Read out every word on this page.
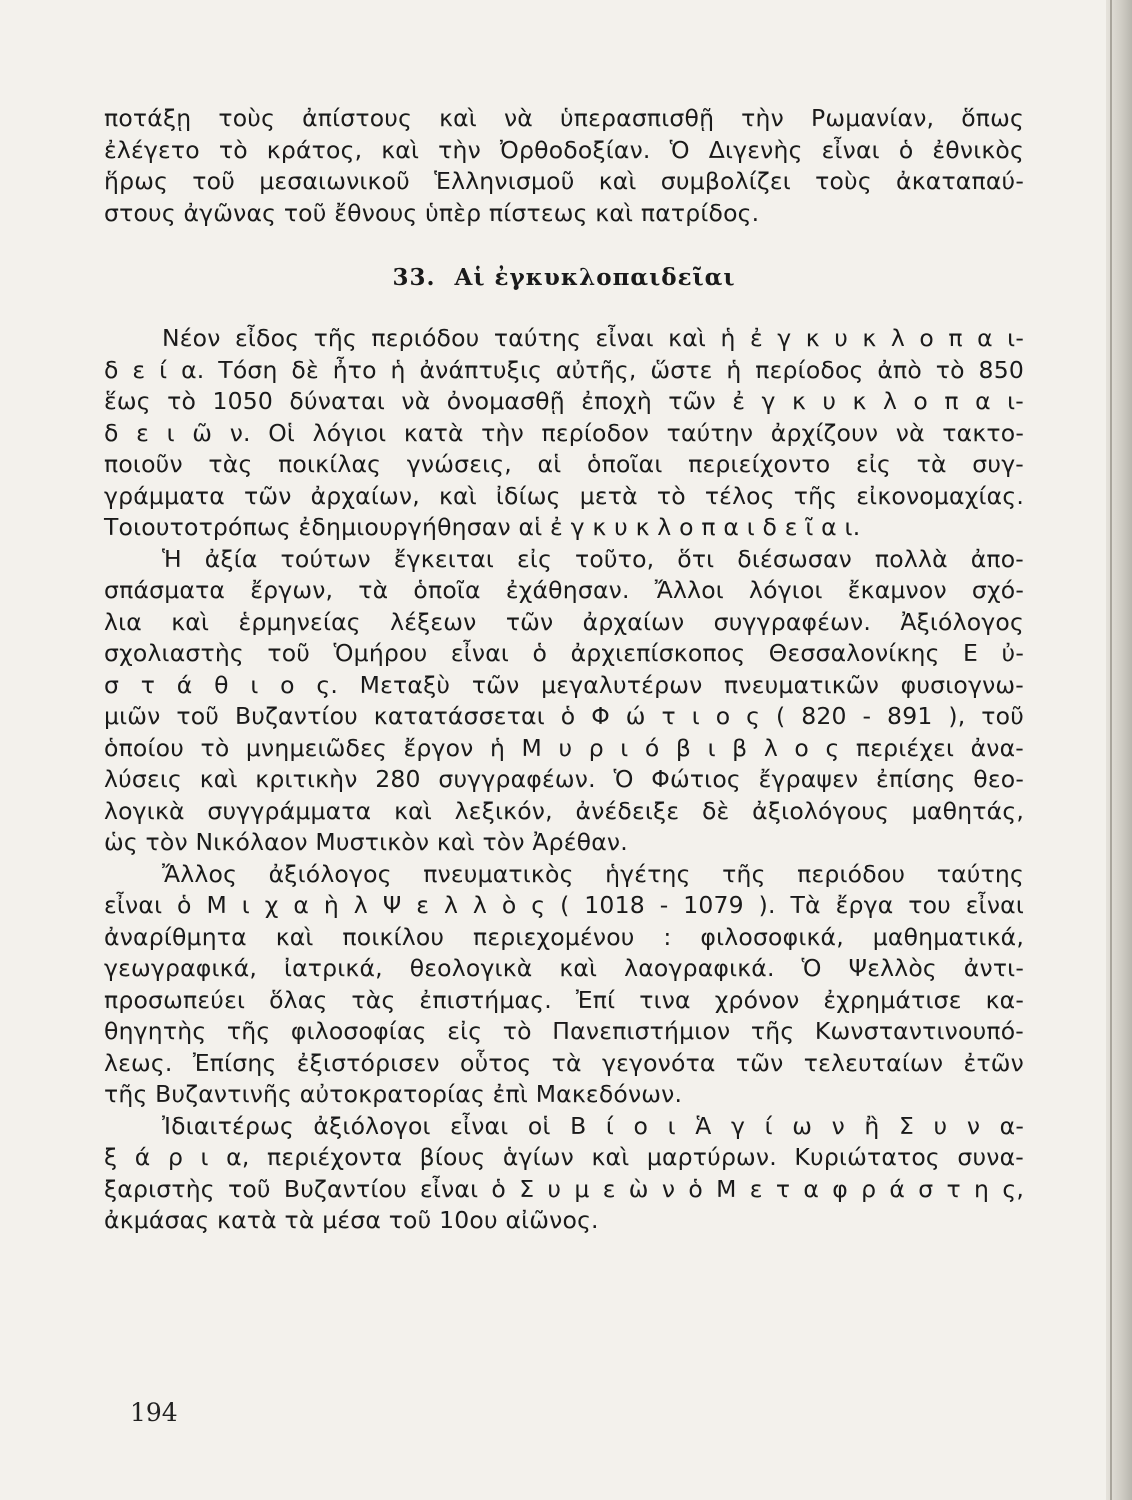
ποτάξῃ τοὺς ἀπίστους καὶ νὰ ὑπερασπισθῇ τὴν Ρωμανίαν, ὅπως
ἐλέγετο τὸ κράτος, καὶ τὴν Ὀρθοδοξίαν. Ὁ Διγενὴς εἶναι ὁ ἐθνικὸς
ἥρως τοῦ μεσαιωνικοῦ Ἑλληνισμοῦ καὶ συμβολίζει τοὺς ἀκαταπαύ-
στους ἀγῶνας τοῦ ἔθνους ὑπὲρ πίστεως καὶ πατρίδος.
33. Αἱ ἐγκυκλοπαιδεῖαι
Νέον εἶδος τῆς περιόδου ταύτης εἶναι καὶ ἡ ἐ γ κ υ κ λ ο π α ι-
δ ε ί α. Τόση δὲ ἦτο ἡ ἀνάπτυξις αὐτῆς, ὥστε ἡ περίοδος ἀπὸ τὸ 850
ἕως τὸ 1050 δύναται νὰ ὀνομασθῇ ἐποχὴ τῶν ἐ γ κ υ κ λ ο π α ι-
δ ε ι ῶ ν. Οἱ λόγιοι κατὰ τὴν περίοδον ταύτην ἀρχίζουν νὰ τακτο-
ποιοῦν τὰς ποικίλας γνώσεις, αἱ ὁποῖαι περιείχοντο εἰς τὰ συγ-
γράμματα τῶν ἀρχαίων, καὶ ἰδίως μετὰ τὸ τέλος τῆς εἰκονομαχίας.
Τοιουτοτρόπως ἐδημιουργήθησαν αἱ ἐ γ κ υ κ λ ο π α ι δ ε ῖ α ι.
Ἡ ἀξία τούτων ἔγκειται εἰς τοῦτο, ὅτι διέσωσαν πολλὰ ἀπο-
σπάσματα ἔργων, τὰ ὁποῖα ἐχάθησαν. Ἄλλοι λόγιοι ἔκαμνον σχό-
λια καὶ ἑρμηνείας λέξεων τῶν ἀρχαίων συγγραφέων. Ἀξιόλογος
σχολιαστὴς τοῦ Ὁμήρου εἶναι ὁ ἀρχιεπίσκοπος Θεσσαλονίκης Ε ὐ-
σ τ ά θ ι ο ς. Μεταξὺ τῶν μεγαλυτέρων πνευματικῶν φυσιογνω-
μιῶν τοῦ Βυζαντίου κατατάσσεται ὁ Φ ώ τ ι ο ς ( 820 - 891 ), τοῦ
ὁποίου τὸ μνημειῶδες ἔργον ἡ Μ υ ρ ι ό β ι β λ ο ς περιέχει ἀνα-
λύσεις καὶ κριτικὴν 280 συγγραφέων. Ὁ Φώτιος ἔγραψεν ἐπίσης θεο-
λογικὰ συγγράμματα καὶ λεξικόν, ἀνέδειξε δὲ ἀξιολόγους μαθητάς,
ὡς τὸν Νικόλαον Μυστικὸν καὶ τὸν Ἀρέθαν.
Ἄλλος ἀξιόλογος πνευματικὸς ἡγέτης τῆς περιόδου ταύτης
εἶναι ὁ Μ ι χ α ὴ λ Ψ ε λ λ ὸ ς ( 1018 - 1079 ). Τὰ ἔργα του εἶναι
ἀναρίθμητα καὶ ποικίλου περιεχομένου : φιλοσοφικά, μαθηματικά,
γεωγραφικά, ἰατρικά, θεολογικὰ καὶ λαογραφικά. Ὁ Ψελλὸς ἀντι-
προσωπεύει ὅλας τὰς ἐπιστήμας. Ἐπί τινα χρόνον ἐχρημάτισε κα-
θηγητὴς τῆς φιλοσοφίας εἰς τὸ Πανεπιστήμιον τῆς Κωνσταντινουπό-
λεως. Ἐπίσης ἐξιστόρισεν οὗτος τὰ γεγονότα τῶν τελευταίων ἐτῶν
τῆς Βυζαντινῆς αὐτοκρατορίας ἐπὶ Μακεδόνων.
Ἰδιαιτέρως ἀξιόλογοι εἶναι οἱ Β ί ο ι Ἁ γ ί ω ν ἢ Σ υ ν α-
ξ ά ρ ι α, περιέχοντα βίους ἁγίων καὶ μαρτύρων. Κυριώτατος συνα-
ξαριστὴς τοῦ Βυζαντίου εἶναι ὁ Σ υ μ ε ὼ ν ὁ Μ ε τ α φ ρ ά σ τ η ς,
ἀκμάσας κατὰ τὰ μέσα τοῦ 10ου αἰῶνος.
194
